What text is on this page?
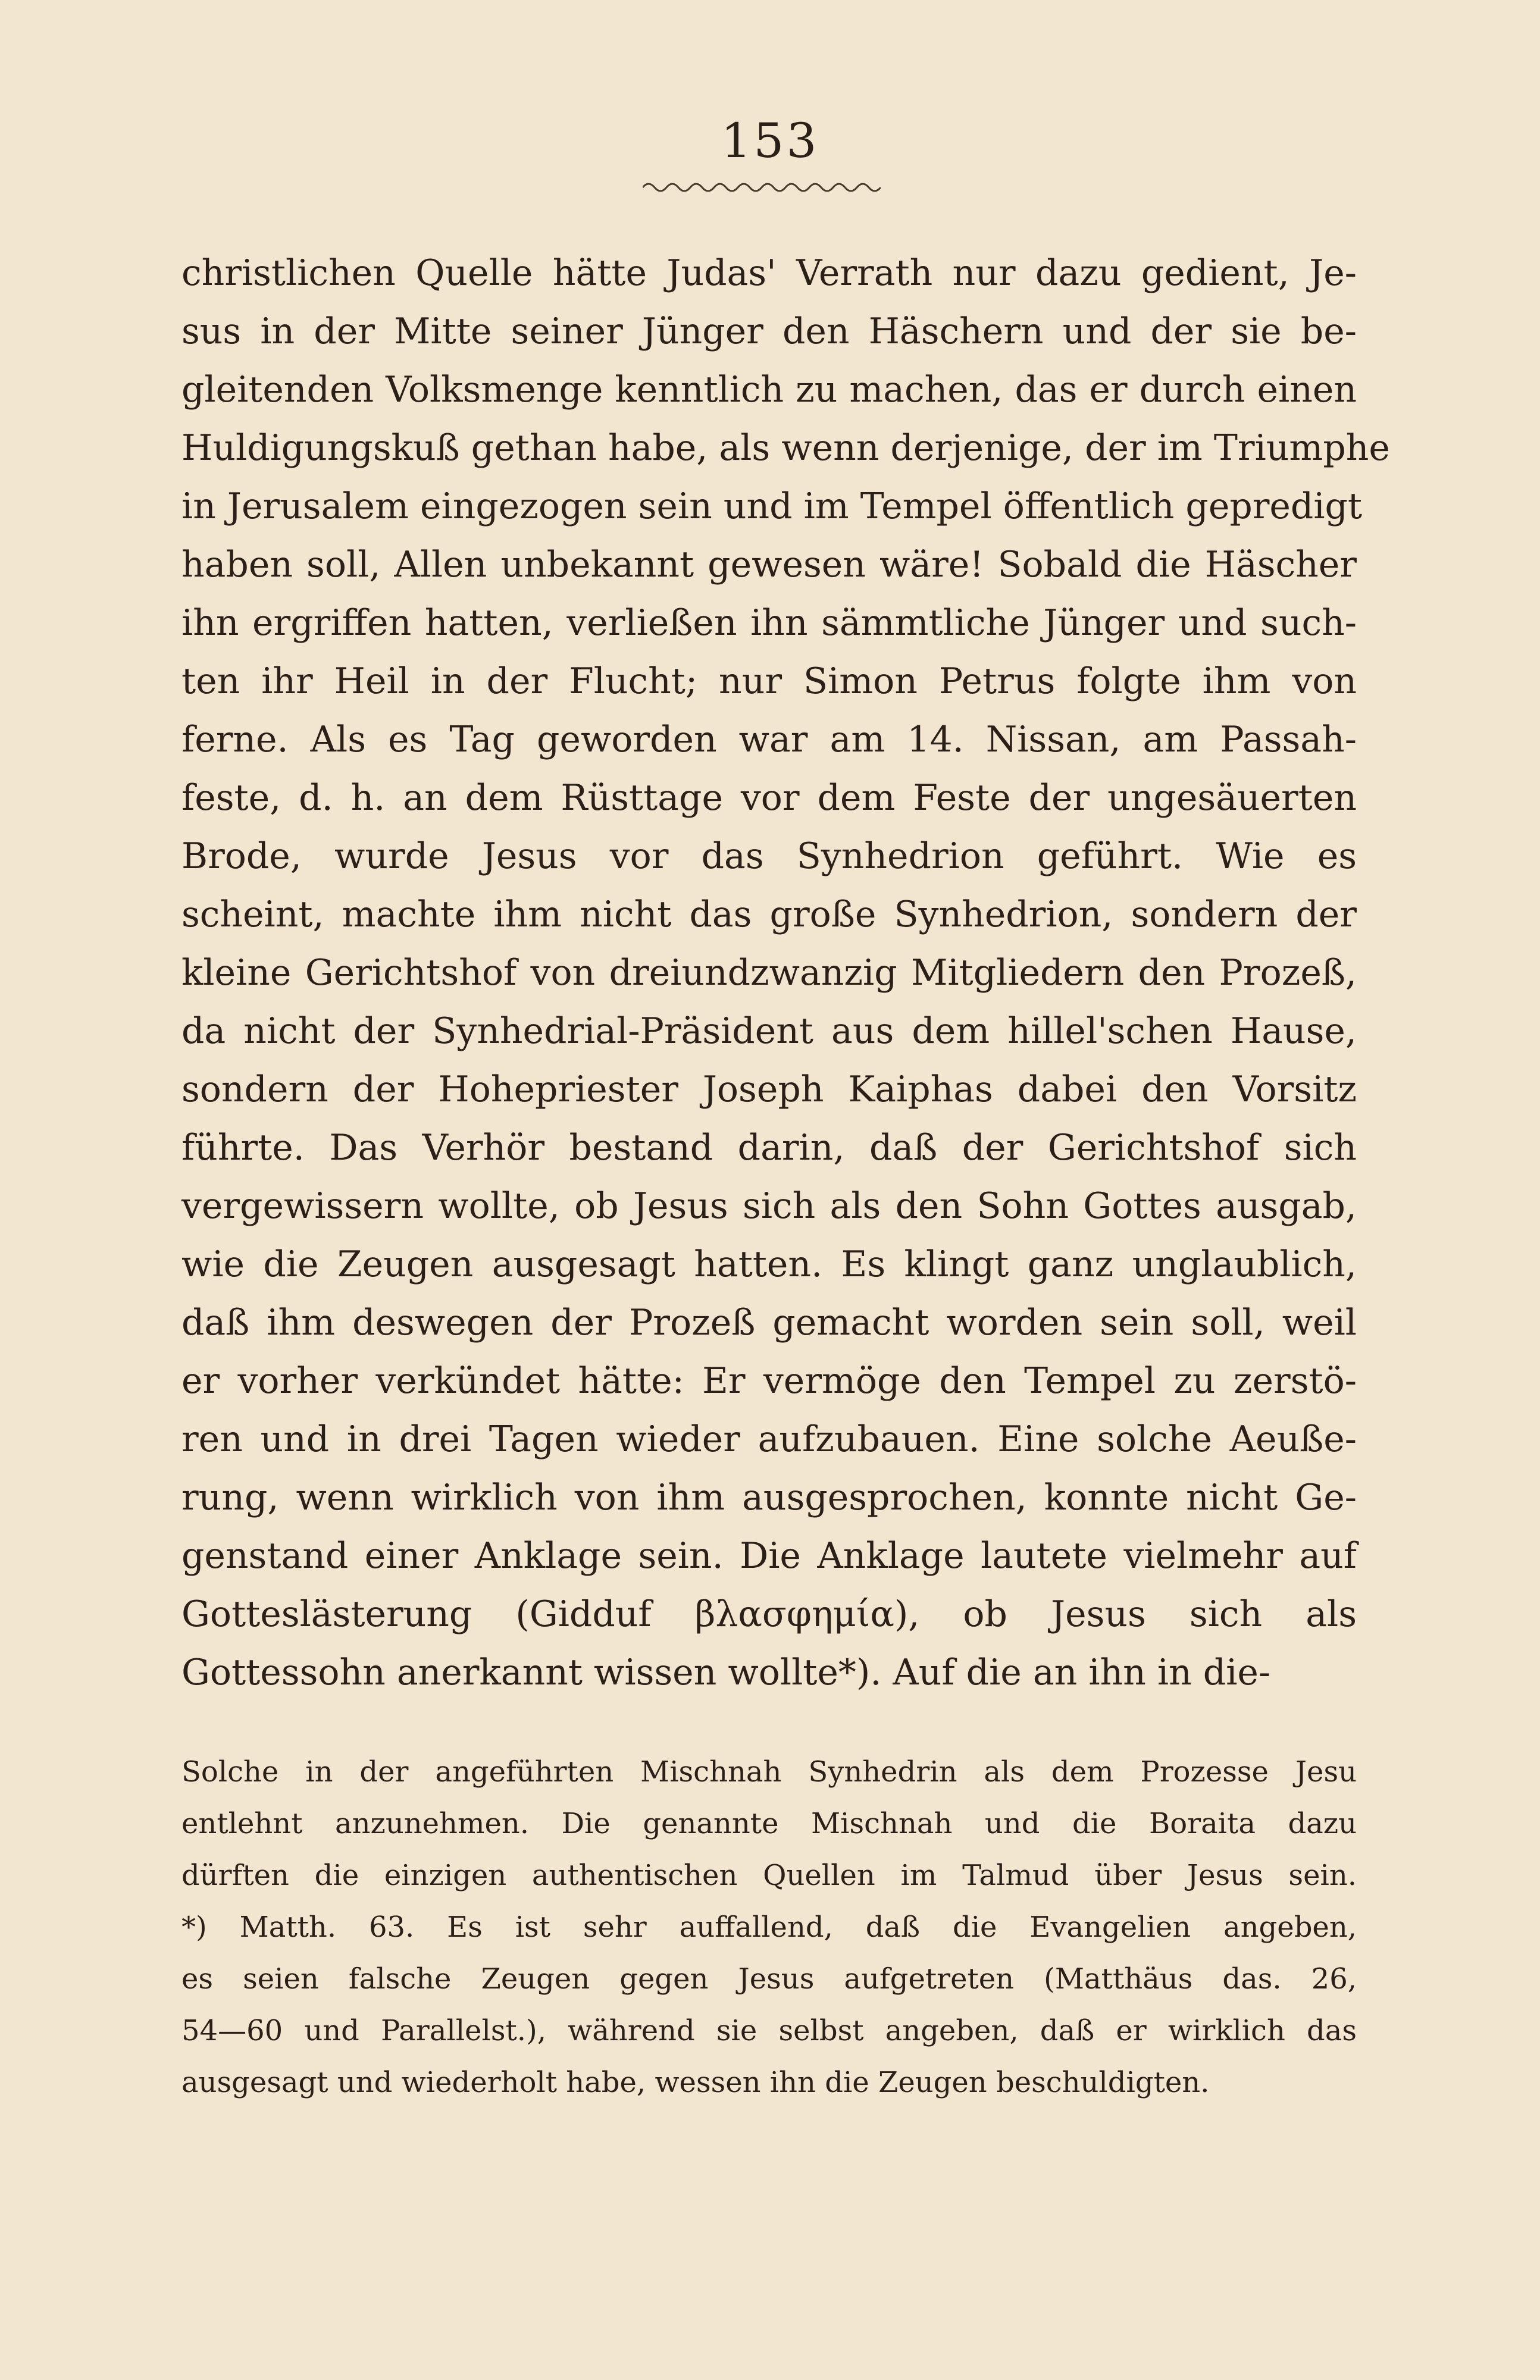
153
christlichen Quelle hätte Judas' Verrath nur dazu gedient, Je-
sus in der Mitte seiner Jünger den Häschern und der sie be-
gleitenden Volksmenge kenntlich zu machen, das er durch einen
Huldigungskuß gethan habe, als wenn derjenige, der im Triumphe
in Jerusalem eingezogen sein und im Tempel öffentlich gepredigt
haben soll, Allen unbekannt gewesen wäre! Sobald die Häscher
ihn ergriffen hatten, verließen ihn sämmtliche Jünger und such-
ten ihr Heil in der Flucht; nur Simon Petrus folgte ihm von
ferne. Als es Tag geworden war am 14. Nissan, am Passah-
feste, d. h. an dem Rüsttage vor dem Feste der ungesäuerten
Brode, wurde Jesus vor das Synhedrion geführt. Wie es
scheint, machte ihm nicht das große Synhedrion, sondern der
kleine Gerichtshof von dreiundzwanzig Mitgliedern den Prozeß,
da nicht der Synhedrial-Präsident aus dem hillel'schen Hause,
sondern der Hohepriester Joseph Kaiphas dabei den Vorsitz
führte. Das Verhör bestand darin, daß der Gerichtshof sich
vergewissern wollte, ob Jesus sich als den Sohn Gottes ausgab,
wie die Zeugen ausgesagt hatten. Es klingt ganz unglaublich,
daß ihm deswegen der Prozeß gemacht worden sein soll, weil
er vorher verkündet hätte: Er vermöge den Tempel zu zerstö-
ren und in drei Tagen wieder aufzubauen. Eine solche Aeuße-
rung, wenn wirklich von ihm ausgesprochen, konnte nicht Ge-
genstand einer Anklage sein. Die Anklage lautete vielmehr auf
Gotteslästerung (Gidduf βλασφημία), ob Jesus sich als
Gottessohn anerkannt wissen wollte*). Auf die an ihn in die-
Solche in der angeführten Mischnah Synhedrin als dem Prozesse Jesu
entlehnt anzunehmen. Die genannte Mischnah und die Boraita dazu
dürften die einzigen authentischen Quellen im Talmud über Jesus sein.
*) Matth. 63. Es ist sehr auffallend, daß die Evangelien angeben,
es seien falsche Zeugen gegen Jesus aufgetreten (Matthäus das. 26,
54—60 und Parallelst.), während sie selbst angeben, daß er wirklich das
ausgesagt und wiederholt habe, wessen ihn die Zeugen beschuldigten.
